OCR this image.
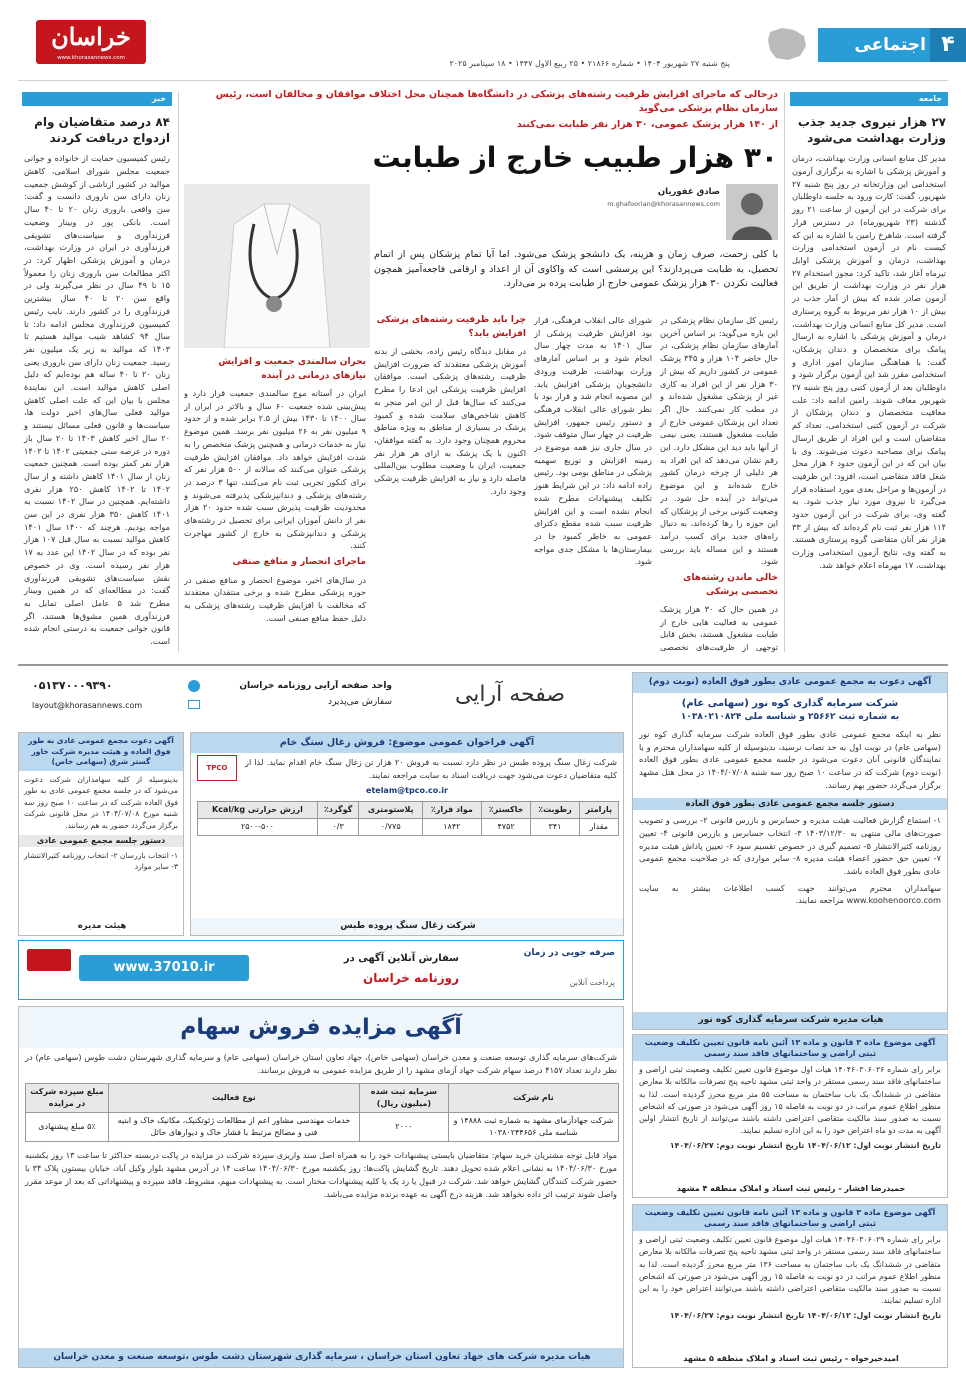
خراسان
www.khorasannews.com
پنج شنبه ۲۷ شهریور ۱۴۰۴ • شماره ۲۱۸۶۶ • ۲۵ ربیع الاول ۱۴۴۷ • ۱۸ سپتامبر ۲۰۲۵
۴
اجتماعی
جامعه
۲۷ هزار نیروی جدید جذب وزارت بهداشت می‌شود
مدیر کل منابع انسانی وزارت بهداشت، درمان و آموزش پزشکی با اشاره به برگزاری آزمون استخدامی این وزارتخانه در روز پنج شنبه ۲۷ شهریور، گفت: کارت ورود به جلسه داوطلبان برای شرکت در این آزمون از ساعت ۲۱ روز گذشته (۲۳ شهریورماه) در دسترس قرار گرفته است. شاهرخ رامین با اشاره به این که کیست نام در آزمون استخدامی وزارت بهداشت، درمان و آموزش پزشکی اوایل تیرماه آغاز شد، تاکید کرد: مجوز استخدام ۲۷ هزار نفر در وزارت بهداشت از طریق این آزمون صادر شده که بیش از آمار جذب در بیش از ۱۰ هزار نفر مربوط به گروه پرستاری است. مدیر کل منابع انسانی وزارت بهداشت، درمان و آموزش پزشکی با اشاره به ارسال پیامک برای متخصصان و دندان پزشکان، گفت: با هماهنگی سازمان امور اداری و استخدامی مقرر شد این آزمون برگزار شود و داوطلبان بعد از آزمون کتبی روز پنج شنبه ۲۷ شهریور معاف شوند. رامین ادامه داد: علت معافیت متخصصان و دندان پزشکان از شرکت در آزمون کتبی استخدامی، تعداد کم متقاضیان است و این افراد از طریق ارسال پیامک برای مصاحبه دعوت می‌شوند. وی با بیان این که در این آزمون حدود ۶ هزار محل شغل فاقد متقاضی است، افزود: این ظرفیت در آزمون‌ها و مراحل بعدی مورد استفاده قرار می‌گیرد تا نیروی مورد نیاز جذب شود. به گفته وی، برای شرکت در این آزمون حدود ۱۱۴ هزار نفر ثبت نام کرده‌اند که بیش از ۳۳ هزار نفر آنان متقاضی گروه پرستاری هستند. به گفته وی، نتایج آزمون استخدامی وزارت بهداشت، ۱۷ مهرماه اعلام خواهد شد.
خبر
۸۴ درصد متقاضیان وام ازدواج دریافت کردند
رئیس کمیسیون حمایت از خانواده و جوانی جمعیت مجلس شورای اسلامی، کاهش موالید در کشور ازناشی از کوشش جمعیت زنان دارای سن باروری دانست و گفت: سن واقعی باروری زنان ۲۰ تا ۴۰ سال است. بانکی پور در وبینار وضعیت فرزندآوری و سیاست‌های تشویقی فرزندآوری در ایران در وزارت بهداشت، درمان و آموزش پزشکی اظهار کرد: در اکثر مطالعات سن باروری زنان را معمولاً ۱۵ تا ۴۹ سال در نظر می‌گیرند ولی در واقع سن ۲۰ تا ۴۰ سال بیشترین فرزندآوری را در کشور دارند. نایب رئیس کمیسیون فرزندآوری مجلس ادامه داد: تا سال ۹۴ کشاهد شیب موالید هستیم تا ۱۴۰۳ که موالید به زیر یک میلیون نفر رسید. جمعیت زنان دارای سن باروری یعنی زنان ۲۰ تا ۴۰ ساله هم بوده‌ایم که دلیل اصلی کاهش موالید است. ابن نمایندۀ مجلس با بیان این که علت اصلی کاهش موالید فعلی سال‌های اخیر دولت ها، سیاست‌ها و قانون فعلی مسائل نیستند و ۲۰ سال اخیر کاهش ۱۴۰۳ تا ۲۰ سال باز دوره در عرصه سنی جمعیتی ۱۴۰۲ تا ۱۴۰۲ هزار نفر کمتر بوده است. همچنین جمعیت زنان از سال ۱۴۰۱ کاهش داشته و از سال ۱۴۰۲ تا ۱۴۰۲ کاهش ۲۵۰ هزار نفری داشته‌ایم. همچنین در سال ۱۴۰۲ نسبت به ۱۴۰۱ کاهش ۳۵۰ هزار نفری در این سن مواجه بودیم. هرچند که ۱۴۰۰ سال ۱۴۰۱ کاهش موالید نسبت به سال قبل ۱۰۷ هزار نفر بوده که در سال ۱۴۰۲ این عدد به ۱۷ هزار نفر رسیده است. وی در خصوص نقش سیاست‌های تشویقی فرزندآوری گفت: در مطالعه‌ای که در همین وبینار مطرح شد ۵ عامل اصلی تمایل به فرزندآوری همین مشوق‌ها هستند، اگر قانون جوانی جمعیت به درستی انجام شده است.
درحالی که ماجرای افزایش ظرفیت رشته‌های پزشکی در دانشگاه‌ها همچنان محل اختلاف موافقان و مخالفان است، رئیس سازمان نظام پزشکی می‌گوید
از ۱۴۰ هزار پزشک عمومی، ۳۰ هزار نفر طبابت نمی‌کنند
۳۰ هزار طبیب خارج از طبابت
صادق غفوریان
m.ghafoorian@khorasannews.com
با کلی زحمت، صرف زمان و هزینه، یک دانشجو پزشک می‌شود. اما آیا تمام پزشکان پس از اتمام تحصیل، به طبابت می‌پردازند؟ این پرسشی است که واکاوی آن از اعداد و ارقامی فاجعه‌آمیز همچون فعالیت نکردن ۳۰ هزار پزشک عمومی خارج از طبابت پرده بر می‌دارد.
رئیس کل سازمان نظام پزشکی در این باره می‌گوید: بر اساس آخرین آمارهای سازمان نظام پزشکی، در حال حاضر ۱۰۴ هزار و ۳۴۵ پزشک عمومی در کشور داریم که بیش از ۳۰ هزار نفر از این افراد به کاری غیر از پزشکی مشغول شده‌اند و در مطب کار نمی‌کنند. حال اگر تعداد این پزشکان عمومی خارج از طبابت مشغول هستند، یعنی نیمی از آنها باید دید این مشکل دارد. این رقم نشان می‌دهد که این افراد به هر دلیلی از چرخه درمان کشور خارج شده‌اند و این موضوع می‌تواند در آینده حل شود. در وضعیت کنونی برخی از پزشکان که این حوزه را رها کرده‌اند، به دنبال راه‌های جدید برای کسب درآمد هستند و این مساله باید بررسی شود.
خالی ماندن رشته‌های تخصصی پزشکی
در همین حال که ۳۰ هزار پزشک عمومی به فعالیت هایی خارج از طبابت مشغول هستند، بخش قابل توجهی از ظرفیت‌های تخصصی
شورای عالی انقلاب فرهنگی، قرار بود افزایش ظرفیت پزشکی از سال ۱۴۰۱ به مدت چهار سال انجام شود و بر اساس آمارهای وزارت بهداشت، ظرفیت ورودی دانشجویان پزشکی افزایش یابد. این مصوبه انجام شد و قرار بود با نظر شورای عالی انقلاب فرهنگی و دستور رئیس جمهور، افزایش ظرفیت در چهار سال متوقف شود. در سال جاری نیز همه موضوع در زمینه افزایش و توزیع سهمیه پزشکی در مناطق بومی بود. رئیس زاده ادامه داد: در این شرایط هنوز تکلیف پیشنهادات مطرح شده انجام نشده است و این افزایش ظرفیت سبب شده مقطع دکترای عمومی به خاطر کمبود جا در بیمارستان‌ها با مشکل جدی مواجه شود.
چرا باید ظرفیت رشته‌های پزشکی افزایش یابد؟
در مقابل دیدگاه رئیس زاده، بخشی از بدنه آموزش پزشکی معتقدند که ضرورت افزایش ظرفیت رشته‌های پزشکی است. موافقان افزایش ظرفیت پزشکی این ادعا را مطرح می‌کنند که سال‌ها قبل از این امر منجر به کاهش شاخص‌های سلامت شده و کمبود پزشک در بسیاری از مناطق به ویژه مناطق محروم همچنان وجود دارد. به گفته موافقان، اکنون با یک پزشک به ازای هر هزار نفر جمعیت، ایران با وضعیت مطلوب بین‌المللی فاصله دارد و نیاز به افزایش ظرفیت پزشکی وجود دارد.
بحران سالمندی جمعیت و افزایش نیازهای درمانی در آینده
ایران در آستانه موج سالمندی جمعیت قرار دارد و پیش‌بینی شده جمعیت ۶۰ سال و بالاتر در ایران از سال ۱۴۰۰ تا ۱۴۳۰ بیش از ۲.۵ برابر شده و از حدود ۹ میلیون نفر به ۲۶ میلیون نفر برسد. همین موضوع نیاز به خدمات درمانی و همچنین پزشک متخصص را به شدت افزایش خواهد داد. موافقان افزایش ظرفیت پزشکی عنوان می‌کنند که سالانه از ۵۰۰ هزار نفر که برای کنکور تجربی ثبت نام می‌کنند، تنها ۳ درصد در رشته‌های پزشکی و دندانپزشکی پذیرفته می‌شوند و محدودیت ظرفیت پذیرش سبب شده حدود ۲۰ هزار نفر از دانش آموزان ایرانی برای تحصیل در رشته‌های پزشکی و دندانپزشکی به خارج از کشور مهاجرت کنند.
ماجرای انحصار و منافع صنفی
در سال‌های اخیر، موضوع انحصار و منافع صنفی در حوزه پزشکی مطرح شده و برخی منتقدان معتقدند که مخالفت با افزایش ظرفیت رشته‌های پزشکی به دلیل حفظ منافع صنفی است.
آگهی دعوت به مجمع عمومی عادی بطور فوق العاده (نوبت دوم)
شرکت سرمایه گذاری کوه نور (سهامی عام)
به شماره ثبت ۲۵۶۶۲ و شناسه ملی ۱۰۳۸۰۲۱۰۸۲۴
نظر به اینکه مجمع عمومی عادی بطور فوق العاده شرکت سرمایه گذاری کوه نور (سهامی عام) در نوبت اول به حد نصاب نرسید، بدینوسیله از کلیه سهامداران محترم و یا نمایندگان قانونی آنان دعوت می‌شود در جلسه مجمع عمومی عادی بطور فوق العاده (نوبت دوم) شرکت که در ساعت ۱۰ صبح روز سه شنبه ۱۴۰۴/۰۷/۰۸ در محل هتل مشهد برگزار می‌گردد حضور بهم رسانند.
دستور جلسه مجمع عمومی عادی بطور فوق العاده
۱- استماع گزارش فعالیت هیئت مدیره و حسابرس و بازرس قانونی ۲- بررسی و تصویب صورت‌های مالی منتهی به ۱۴۰۳/۱۲/۳۰ ۳- انتخاب حسابرس و بازرس قانونی ۴- تعیین روزنامه کثیرالانتشار ۵- تصمیم گیری در خصوص تقسیم سود ۶- تعیین پاداش هیئت مدیره ۷- تعیین حق حضور اعضاء هیئت مدیره ۸- سایر مواردی که در صلاحیت مجمع عمومی عادی بطور فوق العاده باشد.
سهامداران محترم می‌توانند جهت کسب اطلاعات بیشتر به سایت www.koohenoorco.com مراجعه نمایند.
هیات مدیره شرکت سرمایه گذاری کوه نور
صفحه آرایی
واحد صفحه آرایی روزنامه خراسان
سفارش می‌پذیرد
۰۵۱۳۷۰۰۰۹۳۹۰
layout@khorasannews.com
آگهی فراخوان عمومی موضوع: فروش زغال سنگ خام
TPCO
شرکت زغال سنگ پروده طبس در نظر دارد نسبت به فروش ۲۰ هزار تن زغال سنگ خام اقدام نماید. لذا از کلیه متقاضیان دعوت می‌شود جهت دریافت اسناد به سایت مراجعه نمایند.
etelam@tpco.co.ir
پارامتر	رطوبت٪	خاکستر٪	مواد فرار٪	پلاستومتری	گوگرد٪	ارزش حرارتی Kcal/kg
مقدار	۳۴۱	۴۷۵۲	۱۸۴۲	۰/۷۷۵	۰/۳	۲۵۰۰-۵۰۰
شرکت زغال سنگ پروده طبس
آگهی دعوت مجمع عمومی عادی به طور فوق العاده و هیئت مدیره شرکت خاور گستر شرق (سهامی خاص)
بدینوسیله از کلیه سهامداران شرکت دعوت می‌شود که در جلسه مجمع عمومی عادی به طور فوق العاده شرکت که در ساعت ۱۰ صبح روز سه شنبه مورخ ۱۴۰۴/۰۷/۰۸ در محل قانونی شرکت برگزار می‌گردد حضور به هم رسانند.
دستور جلسه مجمع عمومی عادی
۱- انتخاب بازرسان ۲- انتخاب روزنامه کثیرالانتشار ۳- سایر موارد
هیئت مدیره
www.37010.ir
سفارش آنلاین آگهی در
روزنامه خراسان
صرفه جویی در زمان
پرداخت آنلاین
آگهی مزایده فروش سهام
شرکت‌های سرمایه گذاری توسعه صنعت و معدن خراسان (سهامی خاص)، جهاد تعاون استان خراسان (سهامی عام) و سرمایه گذاری شهرستان دشت طوس (سهامی عام) در نظر دارند تعداد ۴۱۵۷ درصد سهام شرکت جهاد آزمای مشهد را از طریق مزایده عمومی به فروش برسانند.
نام شرکت	سرمایه ثبت شده (میلیون ریال)	نوع فعالیت	مبلغ سپرده شرکت در مزایده
شرکت جهادآزمای مشهد به شماره ثبت ۱۴۸۸۸ و شناسه ملی ۱۰۳۸۰۲۴۴۶۵۶	۲۰۰۰	خدمات مهندسی مشاور اعم از مطالعات ژئوتکنیک، مکانیک خاک و ابنیه فنی و مصالح مرتبط با فشار خاک و دیوارهای حائل	۵٪ مبلغ پیشنهادی
مواد قابل توجه مشتریان خرید سهام: متقاضیان بایستی پیشنهادات خود را به همراه اصل سند واریزی سپرده شرکت در مزایده در پاکت دربسته حداکثر تا ساعت ۱۳ روز یکشنبه مورخ ۱۴۰۴/۰۶/۳۰ به نشانی اعلام شده تحویل دهند. تاریخ گشایش پاکت‌ها: روز یکشنبه مورخ ۱۴۰۴/۰۶/۳۰ ساعت ۱۴ در آدرس مشهد بلوار وکیل آباد، خیابان بیستون پلاک ۳۴ با حضور شرکت کنندگان گشایش خواهد شد. شرکت در قبول یا رد یک یا کلیه پیشنهادات مختار است. به پیشنهادات مبهم، مشروط، فاقد سپرده و پیشنهاداتی که بعد از موعد مقرر واصل شوند ترتیب اثر داده نخواهد شد. هزینه درج آگهی به عهده برنده مزایده می‌باشد.
هیات مدیره شرکت های جهاد تعاون استان خراسان ، سرمایه گذاری شهرستان دشت طوس ،توسعه صنعت و معدن خراسان
آگهی موضوع ماده ۳ قانون و ماده ۱۳ آئین نامه قانون تعیین تکلیف وضعیت ثبتی اراضی و ساختمانهای فاقد سند رسمی
برابر رای شماره ۱۴۰۴۶۰۳۰۶۰۲۶ هیات اول موضوع قانون تعیین تکلیف وضعیت ثبتی اراضی و ساختمانهای فاقد سند رسمی مستقر در واحد ثبتی مشهد ناحیه پنج تصرفات مالکانه بلا معارض متقاضی در ششدانگ یک باب ساختمان به مساحت ۵۵ متر مربع محرز گردیده است. لذا به منظور اطلاع عموم مراتب در دو نوبت به فاصله ۱۵ روز آگهی می‌شود در صورتی که اشخاص نسبت به صدور سند مالکیت متقاضی اعتراضی داشته باشند می‌توانند از تاریخ انتشار اولین آگهی به مدت دو ماه اعتراض خود را به این اداره تسلیم نمایند.
تاریخ انتشار نوبت اول: ۱۴۰۴/۰۶/۱۲ تاریخ انتشار نوبت دوم: ۱۴۰۴/۰۶/۲۷
حمیدرضا افشار - رئیس ثبت اسناد و املاک منطقه ۴ مشهد
آگهی موضوع ماده ۳ قانون و ماده ۱۳ آئین نامه قانون تعیین تکلیف وضعیت ثبتی اراضی و ساختمانهای فاقد سند رسمی
برابر رای شماره ۱۴۰۴۶۰۳۰۶۰۲۹ هیات اول موضوع قانون تعیین تکلیف وضعیت ثبتی اراضی و ساختمانهای فاقد سند رسمی مستقر در واحد ثبتی مشهد ناحیه پنج تصرفات مالکانه بلا معارض متقاضی در ششدانگ یک باب ساختمان به مساحت ۱۳۶ متر مربع محرز گردیده است. لذا به منظور اطلاع عموم مراتب در دو نوبت به فاصله ۱۵ روز آگهی می‌شود در صورتی که اشخاص نسبت به صدور سند مالکیت متقاضی اعتراضی داشته باشند می‌توانند اعتراض خود را به این اداره تسلیم نمایند.
تاریخ انتشار نوبت اول: ۱۴۰۴/۰۶/۱۲ تاریخ انتشار نوبت دوم: ۱۴۰۴/۰۶/۲۷
امیدخیرخواه - رئیس ثبت اسناد و املاک منطقه ۵ مشهد
